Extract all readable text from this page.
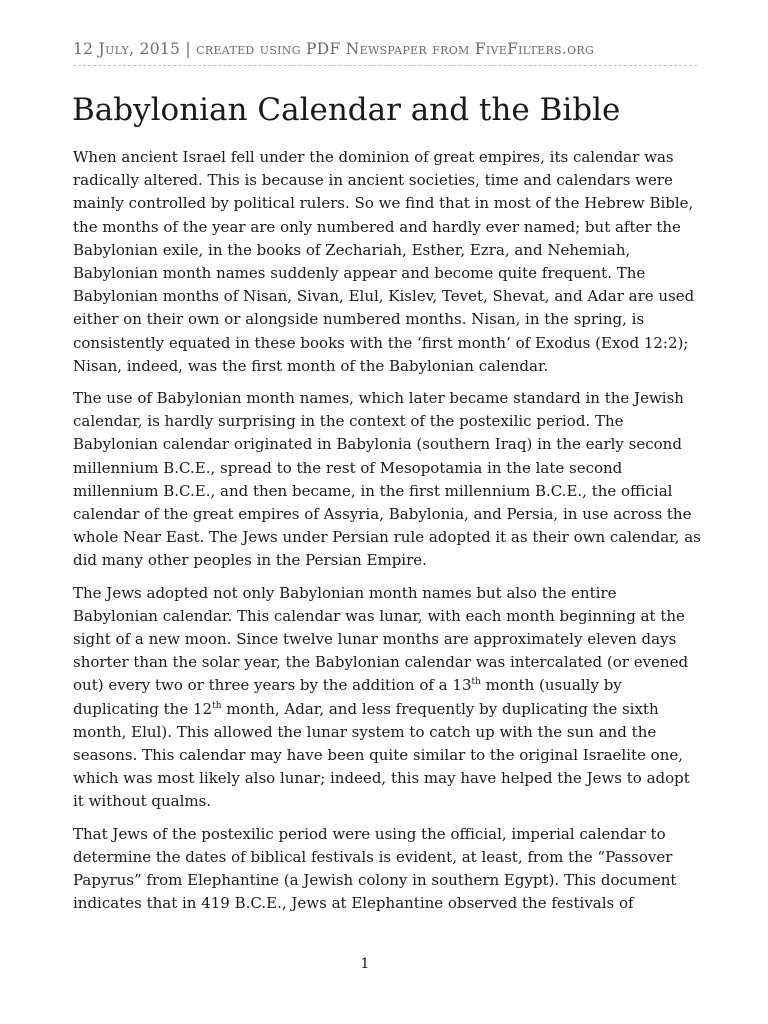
12 July, 2015 | created using PDF Newspaper from FiveFilters.org
Babylonian Calendar and the Bible

When ancient Israel fell under the dominion of great empires, its calendar was radically altered. This is because in ancient societies, time and calendars were mainly controlled by political rulers. So we find that in most of the Hebrew Bible, the months of the year are only numbered and hardly ever named; but after the Babylonian exile, in the books of Zechariah, Esther, Ezra, and Nehemiah, Babylonian month names suddenly appear and become quite frequent. The Babylonian months of Nisan, Sivan, Elul, Kislev, Tevet, Shevat, and Adar are used either on their own or alongside numbered months. Nisan, in the spring, is consistently equated in these books with the ‘first month’ of Exodus (Exod 12:2); Nisan, indeed, was the first month of the Babylonian calendar.

The use of Babylonian month names, which later became standard in the Jewish calendar, is hardly surprising in the context of the postexilic period. The Babylonian calendar originated in Babylonia (southern Iraq) in the early second millennium B.C.E., spread to the rest of Mesopotamia in the late second millennium B.C.E., and then became, in the first millennium B.C.E., the official calendar of the great empires of Assyria, Babylonia, and Persia, in use across the whole Near East. The Jews under Persian rule adopted it as their own calendar, as did many other peoples in the Persian Empire.

The Jews adopted not only Babylonian month names but also the entire Babylonian calendar. This calendar was lunar, with each month beginning at the sight of a new moon. Since twelve lunar months are approximately eleven days shorter than the solar year, the Babylonian calendar was intercalated (or evened out) every two or three years by the addition of a 13th month (usually by duplicating the 12th month, Adar, and less frequently by duplicating the sixth month, Elul). This allowed the lunar system to catch up with the sun and the seasons. This calendar may have been quite similar to the original Israelite one, which was most likely also lunar; indeed, this may have helped the Jews to adopt it without qualms.

That Jews of the postexilic period were using the official, imperial calendar to determine the dates of biblical festivals is evident, at least, from the “Passover Papyrus” from Elephantine (a Jewish colony in southern Egypt). This document indicates that in 419 B.C.E., Jews at Elephantine observed the festivals of

1
